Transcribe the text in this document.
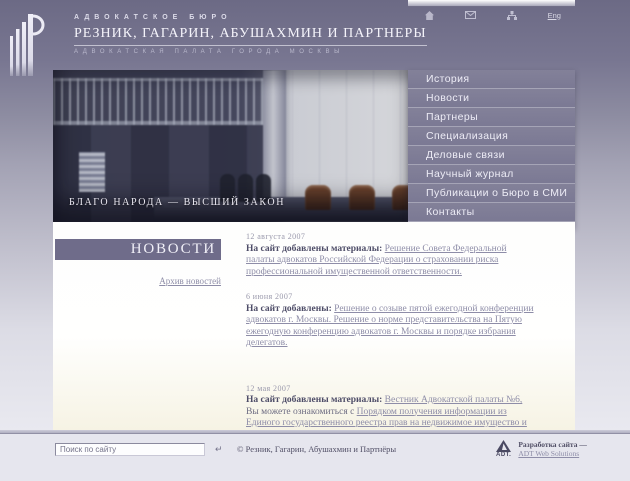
АДВОКАТСКОЕ БЮРО
РЕЗНИК, ГАГАРИН, АБУШАХМИН И ПАРТНЕРЫ
АДВОКАТСКАЯ ПАЛАТА ГОРОДА МОСКВЫ
Eng
БЛАГО НАРОДА — ВЫСШИЙ ЗАКОН
История
Новости
Партнеры
Специализация
Деловые связи
Научный журнал
Публикации о Бюро в СМИ
Контакты
НОВОСТИ
Архив новостей
12 августа 2007
На сайт добавлены материалы: Решение Совета Федеральной палаты адвокатов Российской Федерации о страховании риска профессиональной имущественной ответственности.
6 июня 2007
На сайт добавлены: Решение о созыве пятой ежегодной конференции адвокатов г. Москвы. Решение о норме представительства на Пятую ежегодную конференцию адвокатов г. Москвы и порядке избрания делегатов.
12 мая 2007
На сайт добавлены материалы: Вестник Адвокатской палаты №6, Вы можете ознакомиться с Порядком получения информации из Единого государственного реестра прав на недвижимое имущество и
Поиск по сайту
↵ © Резник, Гагарин, Абушахмин и Партнёры
ADT.
Разработка сайта —
ADT Web Solutions
